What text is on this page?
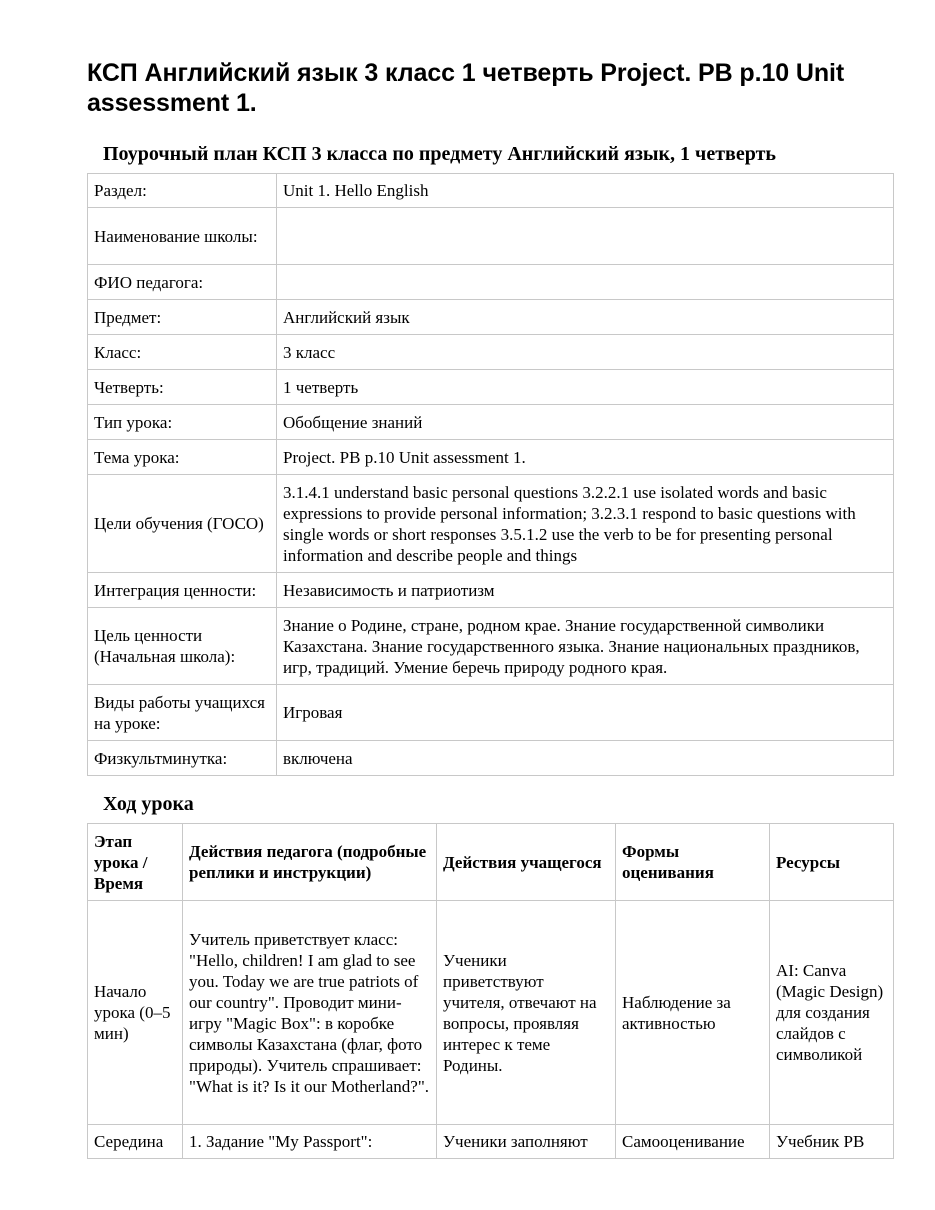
КСП Английский язык 3 класс 1 четверть Project. PB p.10 Unit assessment 1.
Поурочный план КСП 3 класса по предмету Английский язык, 1 четверть
Раздел:	Unit 1. Hello English
Наименование школы:	
ФИО педагога:	
Предмет:	Английский язык
Класс:	3 класс
Четверть:	1 четверть
Тип урока:	Обобщение знаний
Тема урока:	Project. PB p.10 Unit assessment 1.
Цели обучения (ГОСО)	3.1.4.1 understand basic personal questions 3.2.2.1 use isolated words and basic expressions to provide personal information; 3.2.3.1 respond to basic questions with single words or short responses 3.5.1.2 use the verb to be for presenting personal information and describe people and things
Интеграция ценности:	Независимость и патриотизм
Цель ценности (Начальная школа):	Знание о Родине, стране, родном крае. Знание государственной символики Казахстана. Знание государственного языка. Знание национальных праздников, игр, традиций. Умение беречь природу родного края.
Виды работы учащихся на уроке:	Игровая
Физкультминутка:	включена
Ход урока
Этап урока / Время	Действия педагога (подробные реплики и инструкции)	Действия учащегося	Формы оценивания	Ресурсы
Начало урока (0–5 мин)	Учитель приветствует класс: "Hello, children! I am glad to see you. Today we are true patriots of our country". Проводит мини-игру "Magic Box": в коробке символы Казахстана (флаг, фото природы). Учитель спрашивает: "What is it? Is it our Motherland?".	Ученики приветствуют учителя, отвечают на вопросы, проявляя интерес к теме Родины.	Наблюдение за активностью	AI: Canva (Magic Design) для создания слайдов с символикой
Середина	1. Задание "My Passport":	Ученики заполняют	Самооценивание	Учебник PB
